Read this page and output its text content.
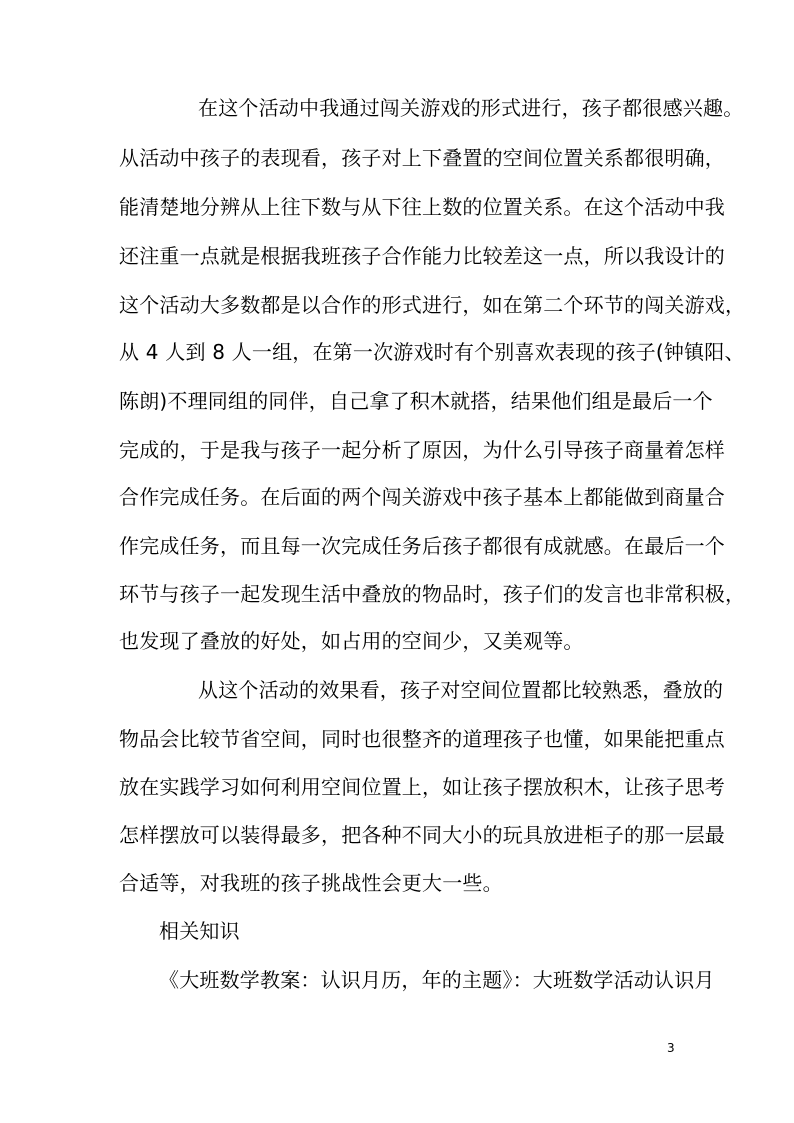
在这个活动中我通过闯关游戏的形式进行，孩子都很感兴趣。
从活动中孩子的表现看，孩子对上下叠置的空间位置关系都很明确，
能清楚地分辨从上往下数与从下往上数的位置关系。在这个活动中我
还注重一点就是根据我班孩子合作能力比较差这一点，所以我设计的
这个活动大多数都是以合作的形式进行，如在第二个环节的闯关游戏，
从 4 人到 8 人一组，在第一次游戏时有个别喜欢表现的孩子(钟镇阳、
陈朗)不理同组的同伴，自己拿了积木就搭，结果他们组是最后一个
完成的，于是我与孩子一起分析了原因，为什么引导孩子商量着怎样
合作完成任务。在后面的两个闯关游戏中孩子基本上都能做到商量合
作完成任务，而且每一次完成任务后孩子都很有成就感。在最后一个
环节与孩子一起发现生活中叠放的物品时，孩子们的发言也非常积极，
也发现了叠放的好处，如占用的空间少，又美观等。
从这个活动的效果看，孩子对空间位置都比较熟悉，叠放的
物品会比较节省空间，同时也很整齐的道理孩子也懂，如果能把重点
放在实践学习如何利用空间位置上，如让孩子摆放积木，让孩子思考
怎样摆放可以装得最多，把各种不同大小的玩具放进柜子的那一层最
合适等，对我班的孩子挑战性会更大一些。
相关知识
《大班数学教案：认识月历，年的主题》：大班数学活动认识月
3
